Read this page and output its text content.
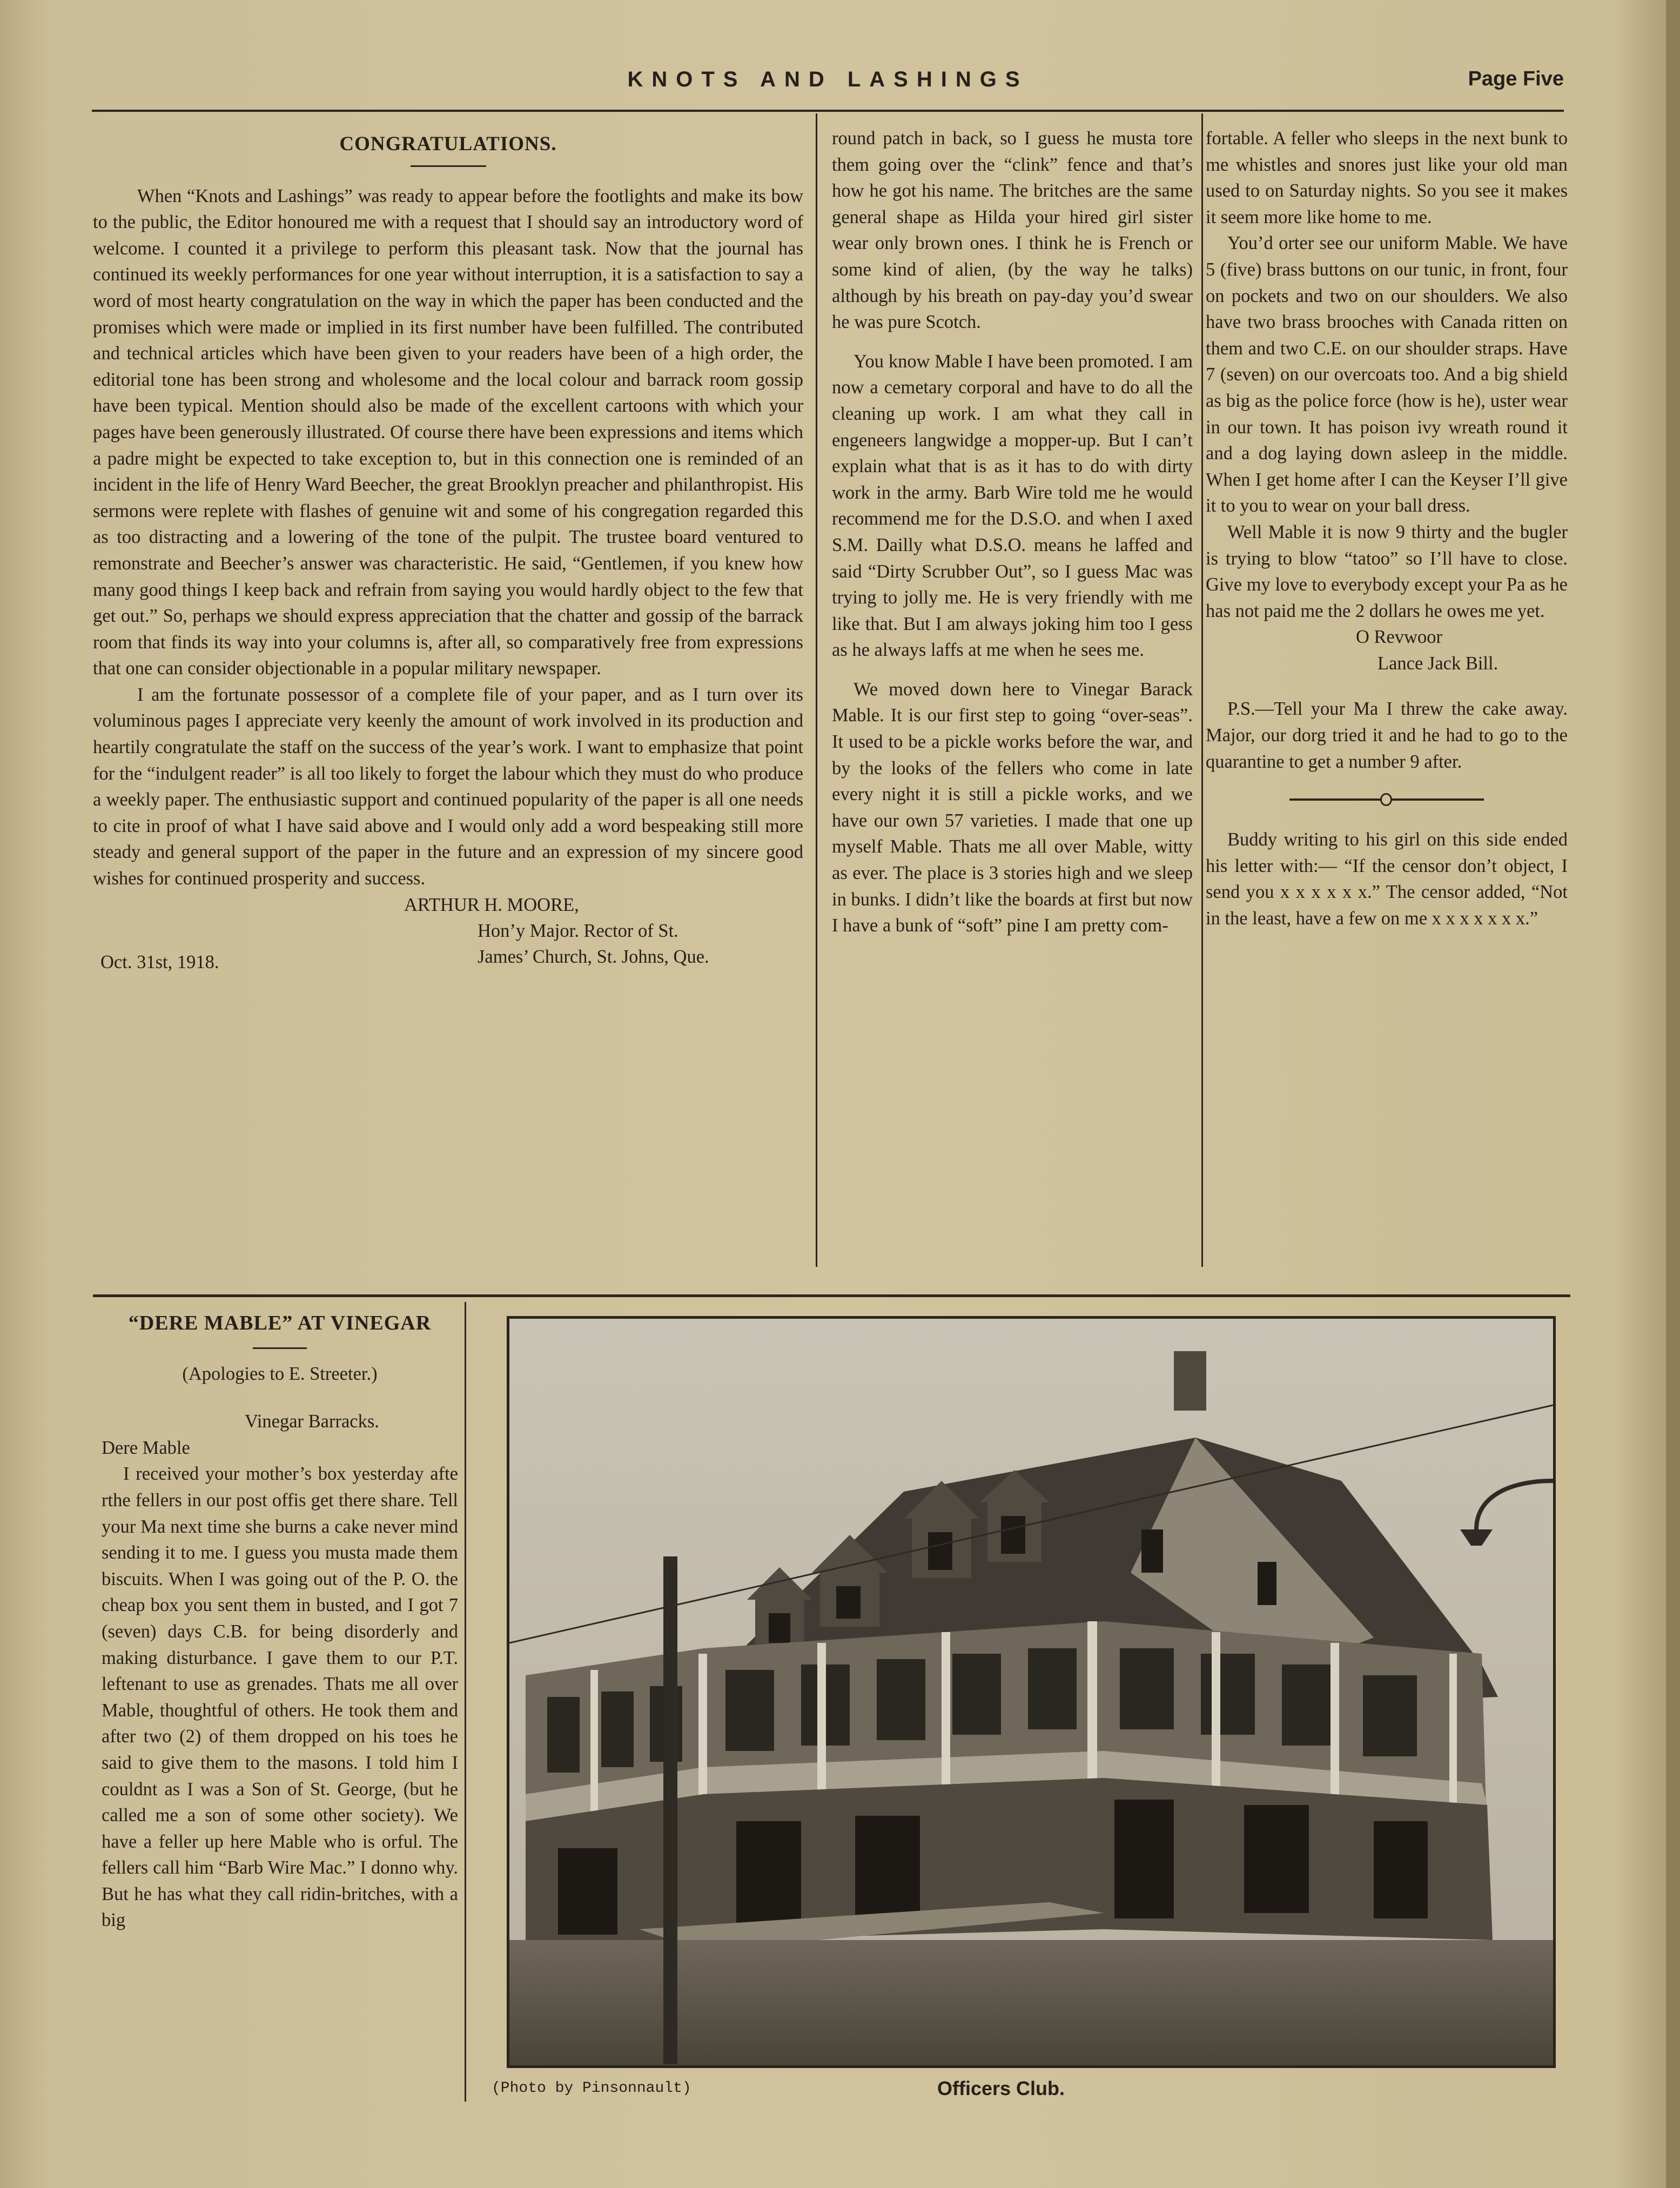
KNOTS AND LASHINGS	Page Five
CONGRATULATIONS.

When “Knots and Lashings” was ready to appear before the footlights and make its bow to the public, the Editor honoured me with a request that I should say an introductory word of welcome. I counted it a privilege to perform this pleasant task. Now that the journal has continued its weekly performances for one year without interruption, it is a satisfaction to say a word of most hearty congratulation on the way in which the paper has been conducted and the promises which were made or implied in its first number have been fulfilled. The contributed and technical articles which have been given to your readers have been of a high order, the editorial tone has been strong and wholesome and the local colour and barrack room gossip have been typical. Mention should also be made of the excellent cartoons with which your pages have been generously illustrated. Of course there have been expressions and items which a padre might be expected to take exception to, but in this connection one is reminded of an incident in the life of Henry Ward Beecher, the great Brooklyn preacher and philanthropist. His sermons were replete with flashes of genuine wit and some of his congregation regarded this as too distracting and a lowering of the tone of the pulpit. The trustee board ventured to remonstrate and Beecher’s answer was characteristic. He said, “Gentlemen, if you knew how many good things I keep back and refrain from saying you would hardly object to the few that get out.” So, perhaps we should express appreciation that the chatter and gossip of the barrack room that finds its way into your columns is, after all, so comparatively free from expressions that one can consider objectionable in a popular military newspaper.

I am the fortunate possessor of a complete file of your paper, and as I turn over its voluminous pages I appreciate very keenly the amount of work involved in its production and heartily congratulate the staff on the success of the year’s work. I want to emphasize that point for the “indulgent reader” is all too likely to forget the labour which they must do who produce a weekly paper. The enthusiastic support and continued popularity of the paper is all one needs to cite in proof of what I have said above and I would only add a word bespeaking still more steady and general support of the paper in the future and an expression of my sincere good wishes for continued prosperity and success.

ARTHUR H. MOORE,
Hon’y Major. Rector of St.
James’ Church, St. Johns, Que.
Oct. 31st, 1918.

round patch in back, so I guess he musta tore them going over the “clink” fence and that’s how he got his name. The britches are the same general shape as Hilda your hired girl sister wear only brown ones. I think he is French or some kind of alien, (by the way he talks) although by his breath on pay-day you’d swear he was pure Scotch.

You know Mable I have been promoted. I am now a cemetary corporal and have to do all the cleaning up work. I am what they call in engeneers langwidge a mopper-up. But I can’t explain what that is as it has to do with dirty work in the army. Barb Wire told me he would recommend me for the D.S.O. and when I axed S.M. Dailly what D.S.O. means he laffed and said “Dirty Scrubber Out”, so I guess Mac was trying to jolly me. He is very friendly with me like that. But I am always joking him too I gess as he always laffs at me when he sees me.

We moved down here to Vinegar Barack Mable. It is our first step to going “over-seas”. It used to be a pickle works before the war, and by the looks of the fellers who come in late every night it is still a pickle works, and we have our own 57 varieties. I made that one up myself Mable. Thats me all over Mable, witty as ever. The place is 3 stories high and we sleep in bunks. I didn’t like the boards at first but now I have a bunk of “soft” pine I am pretty com-

fortable. A feller who sleeps in the next bunk to me whistles and snores just like your old man used to on Saturday nights. So you see it makes it seem more like home to me.

You’d orter see our uniform Mable. We have 5 (five) brass buttons on our tunic, in front, four on pockets and two on our shoulders. We also have two brass brooches with Canada ritten on them and two C.E. on our shoulder straps. Have 7 (seven) on our overcoats too. And a big shield as big as the police force (how is he), uster wear in our town. It has poison ivy wreath round it and a dog laying down asleep in the middle. When I get home after I can the Keyser I’ll give it to you to wear on your ball dress.

Well Mable it is now 9 thirty and the bugler is trying to blow “tatoo” so I’ll have to close. Give my love to everybody except your Pa as he has not paid me the 2 dollars he owes me yet.

O Revwoor
Lance Jack Bill.

P.S.—Tell your Ma I threw the cake away. Major, our dorg tried it and he had to go to the quarantine to get a number 9 after.

Buddy writing to his girl on this side ended his letter with:— “If the censor don’t object, I send you x x x x x x.” The censor added, “Not in the least, have a few on me x x x x x x x.”

“DERE MABLE” AT VINEGAR
(Apologies to E. Streeter.)
Vinegar Barracks.
Dere Mable

I received your mother’s box yesterday afte rthe fellers in our post offis get there share. Tell your Ma next time she burns a cake never mind sending it to me. I guess you musta made them biscuits. When I was going out of the P. O. the cheap box you sent them in busted, and I got 7 (seven) days C.B. for being disorderly and making disturbance. I gave them to our P.T. leftenant to use as grenades. Thats me all over Mable, thoughtful of others. He took them and after two (2) of them dropped on his toes he said to give them to the masons. I told him I couldnt as I was a Son of St. George, (but he called me a son of some other society). We have a feller up here Mable who is orful. The fellers call him “Barb Wire Mac.” I donno why. But he has what they call ridin-britches, with a big

(Photo by Pinsonnault)	Officers Club.
